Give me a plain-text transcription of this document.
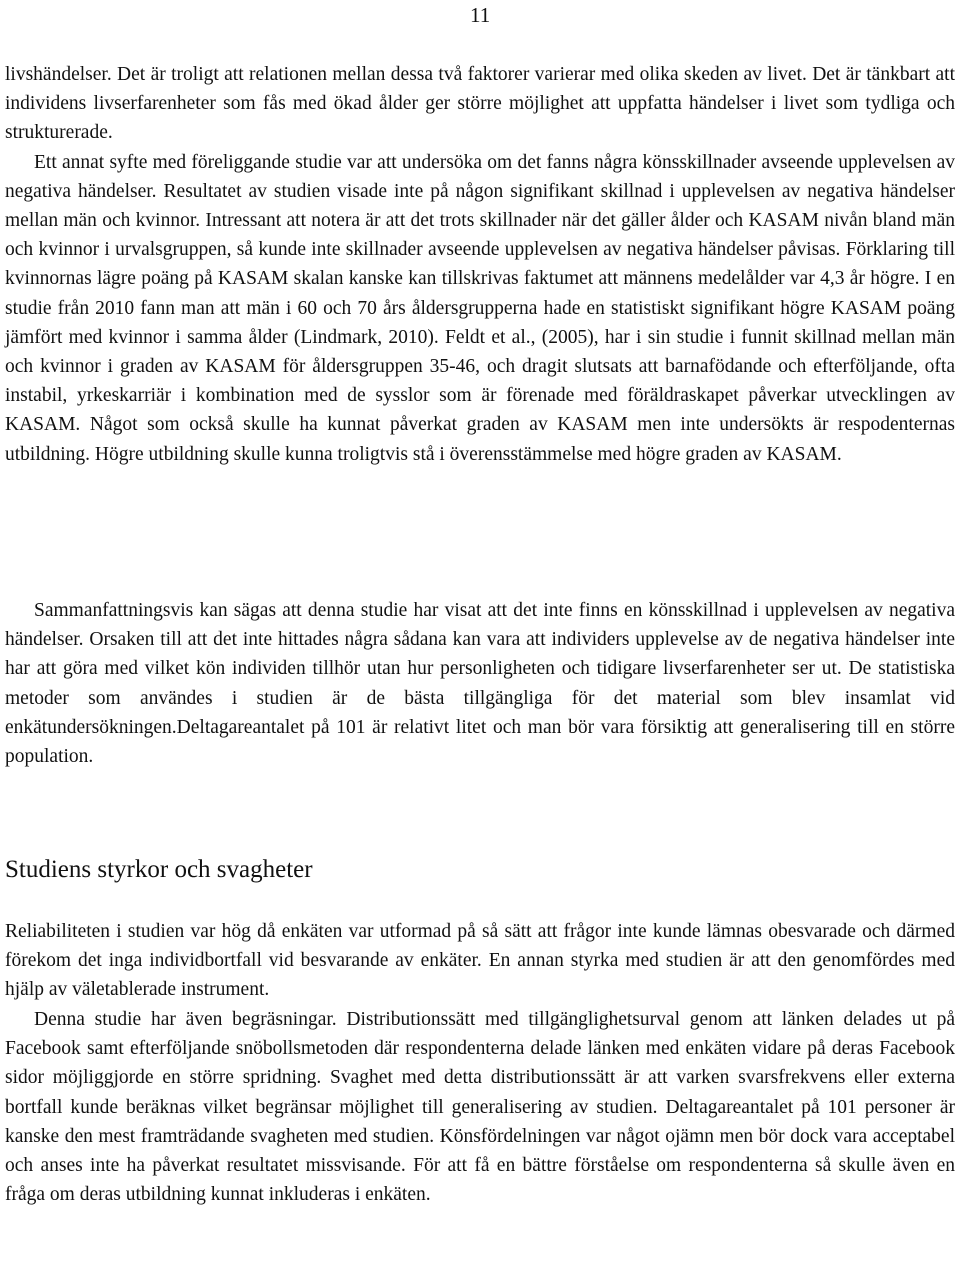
11

livshändelser. Det är troligt att relationen mellan dessa två faktorer varierar med olika skeden av livet. Det är tänkbart att individens livserfarenheter som fås med ökad ålder ger större möjlighet att uppfatta händelser i livet som tydliga och strukturerade.

Ett annat syfte med föreliggande studie var att undersöka om det fanns några könsskillnader avseende upplevelsen av negativa händelser. Resultatet av studien visade inte på någon signifikant skillnad i upplevelsen av negativa händelser mellan män och kvinnor. Intressant att notera är att det trots skillnader när det gäller ålder och KASAM nivån bland män och kvinnor i urvalsgruppen, så kunde inte skillnader avseende upplevelsen av negativa händelser påvisas. Förklaring till kvinnornas lägre poäng på KASAM skalan kanske kan tillskrivas faktumet att männens medelålder var 4,3 år högre. I en studie från 2010 fann man att män i 60 och 70 års åldersgrupperna hade en statistiskt signifikant högre KASAM poäng jämfört med kvinnor i samma ålder (Lindmark, 2010). Feldt et al., (2005), har i sin studie i funnit skillnad mellan män och kvinnor i graden av KASAM för åldersgruppen 35-46, och dragit slutsats att barnafödande och efterföljande, ofta instabil, yrkeskarriär i kombination med de sysslor som är förenade med föräldraskapet påverkar utvecklingen av KASAM. Något som också skulle ha kunnat påverkat graden av KASAM men inte undersökts är respodenternas utbildning. Högre utbildning skulle kunna troligtvis stå i överensstämmelse med högre graden av KASAM.

Sammanfattningsvis kan sägas att denna studie har visat att det inte finns en könsskillnad i upplevelsen av negativa händelser. Orsaken till att det inte hittades några sådana kan vara att individers upplevelse av de negativa händelser inte har att göra med vilket kön individen tillhör utan hur personligheten och tidigare livserfarenheter ser ut. De statistiska metoder som användes i studien är de bästa tillgängliga för det material som blev insamlat vid enkätundersökningen.Deltagareantalet på 101 är relativt litet och man bör vara försiktig att generalisering till en större population.

Studiens styrkor och svagheter

Reliabiliteten i studien var hög då enkäten var utformad på så sätt att frågor inte kunde lämnas obesvarade och därmed förekom det inga individbortfall vid besvarande av enkäter. En annan styrka med studien är att den genomfördes med hjälp av väletablerade instrument.

Denna studie har även begräsningar. Distributionssätt med tillgänglighetsurval genom att länken delades ut på Facebook samt efterföljande snöbollsmetoden där respondenterna delade länken med enkäten vidare på deras Facebook sidor möjliggjorde en större spridning. Svaghet med detta distributionssätt är att varken svarsfrekvens eller externa bortfall kunde beräknas vilket begränsar möjlighet till generalisering av studien. Deltagareantalet på 101 personer är kanske den mest framträdande svagheten med studien. Könsfördelningen var något ojämn men bör dock vara acceptabel och anses inte ha påverkat resultatet missvisande. För att få en bättre förståelse om respondenterna så skulle även en fråga om deras utbildning kunnat inkluderas i enkäten.
